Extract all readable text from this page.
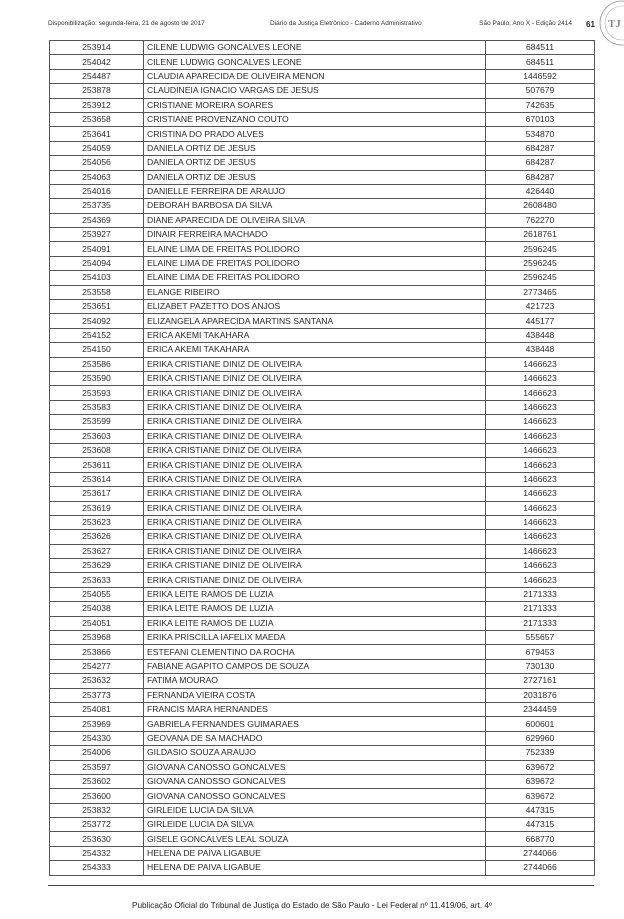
Disponibilização: segunda-feira, 21 de agosto de 2017	Diário da Justiça Eletrônico - Caderno Administrativo	São Paulo, Ano X - Edição 2414 61 TJ
253914	CILENE LUDWIG GONCALVES LEONE	684511
254042	CILENE LUDWIG GONCALVES LEONE	684511
254487	CLAUDIA APARECIDA DE OLIVEIRA MENON	1446592
253878	CLAUDINEIA IGNACIO VARGAS DE JESUS	507679
253912	CRISTIANE MOREIRA SOARES	742635
253658	CRISTIANE PROVENZANO COUTO	670103
253641	CRISTINA DO PRADO ALVES	534870
254059	DANIELA ORTIZ DE JESUS	684287
254056	DANIELA ORTIZ DE JESUS	684287
254063	DANIELA ORTIZ DE JESUS	684287
254016	DANIELLE FERREIRA DE ARAUJO	426440
253735	DEBORAH BARBOSA DA SILVA	2608480
254369	DIANE APARECIDA DE OLIVEIRA SILVA	762270
253927	DINAIR FERREIRA MACHADO	2618761
254091	ELAINE LIMA DE FREITAS POLIDORO	2596245
254094	ELAINE LIMA DE FREITAS POLIDORO	2596245
254103	ELAINE LIMA DE FREITAS POLIDORO	2596245
253558	ELANGE RIBEIRO	2773465
253651	ELIZABET PAZETTO DOS ANJOS	421723
254092	ELIZANGELA APARECIDA MARTINS SANTANA	445177
254152	ERICA AKEMI TAKAHARA	438448
254150	ERICA AKEMI TAKAHARA	438448
253586	ERIKA CRISTIANE DINIZ DE OLIVEIRA	1466623
253590	ERIKA CRISTIANE DINIZ DE OLIVEIRA	1466623
253593	ERIKA CRISTIANE DINIZ DE OLIVEIRA	1466623
253583	ERIKA CRISTIANE DINIZ DE OLIVEIRA	1466623
253599	ERIKA CRISTIANE DINIZ DE OLIVEIRA	1466623
253603	ERIKA CRISTIANE DINIZ DE OLIVEIRA	1466623
253608	ERIKA CRISTIANE DINIZ DE OLIVEIRA	1466623
253611	ERIKA CRISTIANE DINIZ DE OLIVEIRA	1466623
253614	ERIKA CRISTIANE DINIZ DE OLIVEIRA	1466623
253617	ERIKA CRISTIANE DINIZ DE OLIVEIRA	1466623
253619	ERIKA CRISTIANE DINIZ DE OLIVEIRA	1466623
253623	ERIKA CRISTIANE DINIZ DE OLIVEIRA	1466623
253626	ERIKA CRISTIANE DINIZ DE OLIVEIRA	1466623
253627	ERIKA CRISTIANE DINIZ DE OLIVEIRA	1466623
253629	ERIKA CRISTIANE DINIZ DE OLIVEIRA	1466623
253633	ERIKA CRISTIANE DINIZ DE OLIVEIRA	1466623
254055	ERIKA LEITE RAMOS DE LUZIA	2171333
254038	ERIKA LEITE RAMOS DE LUZIA	2171333
254051	ERIKA LEITE RAMOS DE LUZIA	2171333
253968	ERIKA PRISCILLA IAFELIX MAEDA	555657
253866	ESTEFANI CLEMENTINO DA ROCHA	679453
254277	FABIANE AGAPITO CAMPOS DE SOUZA	730130
253632	FATIMA MOURAO	2727161
253773	FERNANDA VIEIRA COSTA	2031876
254081	FRANCIS MARA HERNANDES	2344459
253969	GABRIELA FERNANDES GUIMARAES	600601
254330	GEOVANA DE SA MACHADO	629960
254006	GILDASIO SOUZA ARAUJO	752339
253597	GIOVANA CANOSSO GONCALVES	639672
253602	GIOVANA CANOSSO GONCALVES	639672
253600	GIOVANA CANOSSO GONCALVES	639672
253832	GIRLEIDE LUCIA DA SILVA	447315
253772	GIRLEIDE LUCIA DA SILVA	447315
253630	GISELE GONCALVES LEAL SOUZA	668770
254332	HELENA DE PAIVA LIGABUE	2744066
254333	HELENA DE PAIVA LIGABUE	2744066
Publicação Oficial do Tribunal de Justiça do Estado de São Paulo - Lei Federal nº 11.419/06, art. 4º
